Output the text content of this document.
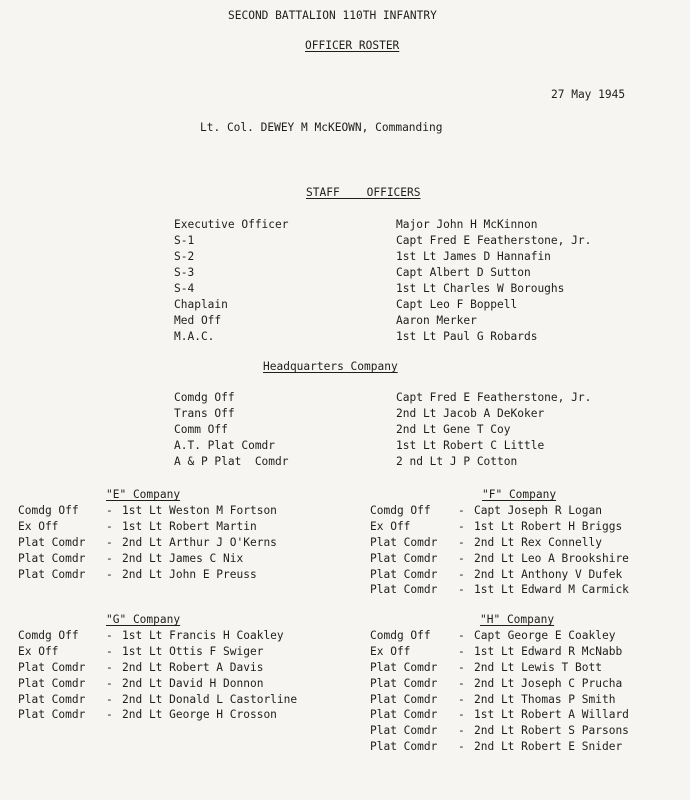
SECOND BATTALION 110TH INFANTRY
OFFICER ROSTER
27 May 1945
Lt. Col. DEWEY M McKEOWN, Commanding
STAFF    OFFICERS
Executive Officer	Major John H McKinnon
S-1	Capt Fred E Featherstone, Jr.
S-2	1st Lt James D Hannafin
S-3	Capt Albert D Sutton
S-4	1st Lt Charles W Boroughs
Chaplain	Capt Leo F Boppell
Med Off	Aaron Merker
M.A.C.	1st Lt Paul G Robards
Headquarters Company
Comdg Off	Capt Fred E Featherstone, Jr.
Trans Off	2nd Lt Jacob A DeKoker
Comm Off	2nd Lt Gene T Coy
A.T. Plat Comdr	1st Lt Robert C Little
A & P Plat  Comdr	2 nd Lt J P Cotton
"E" Company
Comdg Off - 1st Lt Weston M Fortson
Ex Off	- 1st Lt Robert Martin
Plat Comdr - 2nd Lt Arthur J O'Kerns
Plat Comdr - 2nd Lt James C Nix
Plat Comdr - 2nd Lt John E Preuss
"F" Company
Comdg Off - Capt Joseph R Logan
Ex Off	- 1st Lt Robert H Briggs
Plat Comdr - 2nd Lt Rex Connelly
Plat Comdr - 2nd Lt Leo A Brookshire
Plat Comdr - 2nd Lt Anthony V Dufek
Plat Comdr - 1st Lt Edward M Carmick
"G" Company
Comdg Off - 1st Lt Francis H Coakley
Ex Off	- 1st Lt Ottis F Swiger
Plat Comdr - 2nd Lt Robert A Davis
Plat Comdr - 2nd Lt David H Donnon
Plat Comdr - 2nd Lt Donald L Castorline
Plat Comdr - 2nd Lt George H Crosson
"H" Company
Comdg Off - Capt George E Coakley
Ex Off	- 1st Lt Edward R McNabb
Plat Comdr - 2nd Lt Lewis T Bott
Plat Comdr - 2nd Lt Joseph C Prucha
Plat Comdr - 2nd Lt Thomas P Smith
Plat Comdr - 1st Lt Robert A Willard
Plat Comdr - 2nd Lt Robert S Parsons
Plat Comdr - 2nd Lt Robert E Snider
